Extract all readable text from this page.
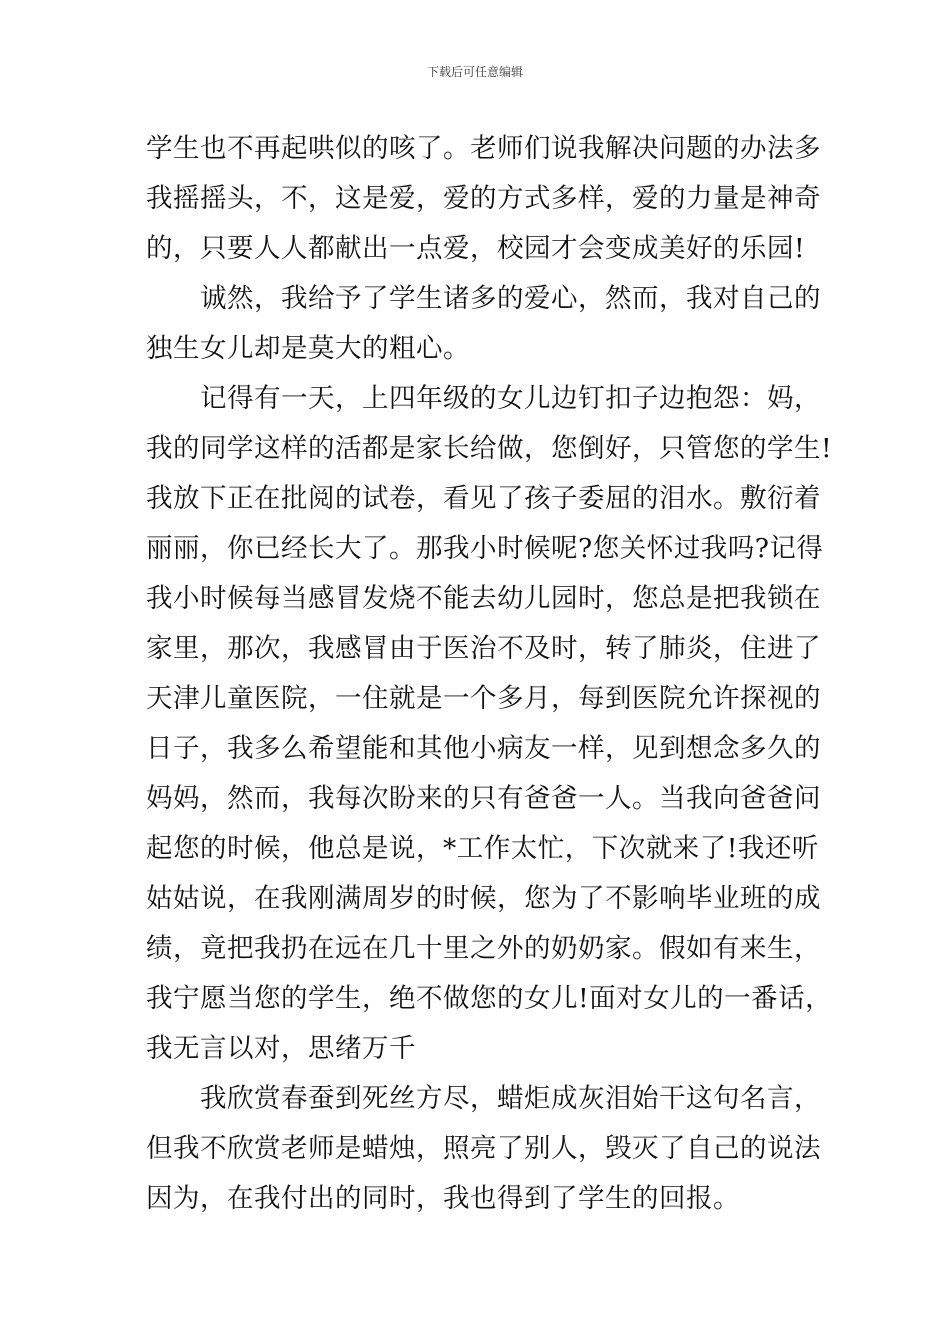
下载后可任意编辑
学生也不再起哄似的咳了。老师们说我解决问题的办法多
我摇摇头，不，这是爱，爱的方式多样，爱的力量是神奇
的，只要人人都献出一点爱，校园才会变成美好的乐园!
　　诚然，我给予了学生诸多的爱心，然而，我对自己的
独生女儿却是莫大的粗心。
　　记得有一天，上四年级的女儿边钉扣子边抱怨：妈，
我的同学这样的活都是家长给做，您倒好，只管您的学生!
我放下正在批阅的试卷，看见了孩子委屈的泪水。敷衍着
丽丽，你已经长大了。那我小时候呢?您关怀过我吗?记得
我小时候每当感冒发烧不能去幼儿园时，您总是把我锁在
家里，那次，我感冒由于医治不及时，转了肺炎，住进了
天津儿童医院，一住就是一个多月，每到医院允许探视的
日子，我多么希望能和其他小病友一样，见到想念多久的
妈妈，然而，我每次盼来的只有爸爸一人。当我向爸爸问
起您的时候，他总是说，*工作太忙，下次就来了!我还听
姑姑说，在我刚满周岁的时候，您为了不影响毕业班的成
绩，竟把我扔在远在几十里之外的奶奶家。假如有来生，
我宁愿当您的学生，绝不做您的女儿!面对女儿的一番话，
我无言以对，思绪万千
　　我欣赏春蚕到死丝方尽，蜡炬成灰泪始干这句名言，
但我不欣赏老师是蜡烛，照亮了别人，毁灭了自己的说法
因为，在我付出的同时，我也得到了学生的回报。
